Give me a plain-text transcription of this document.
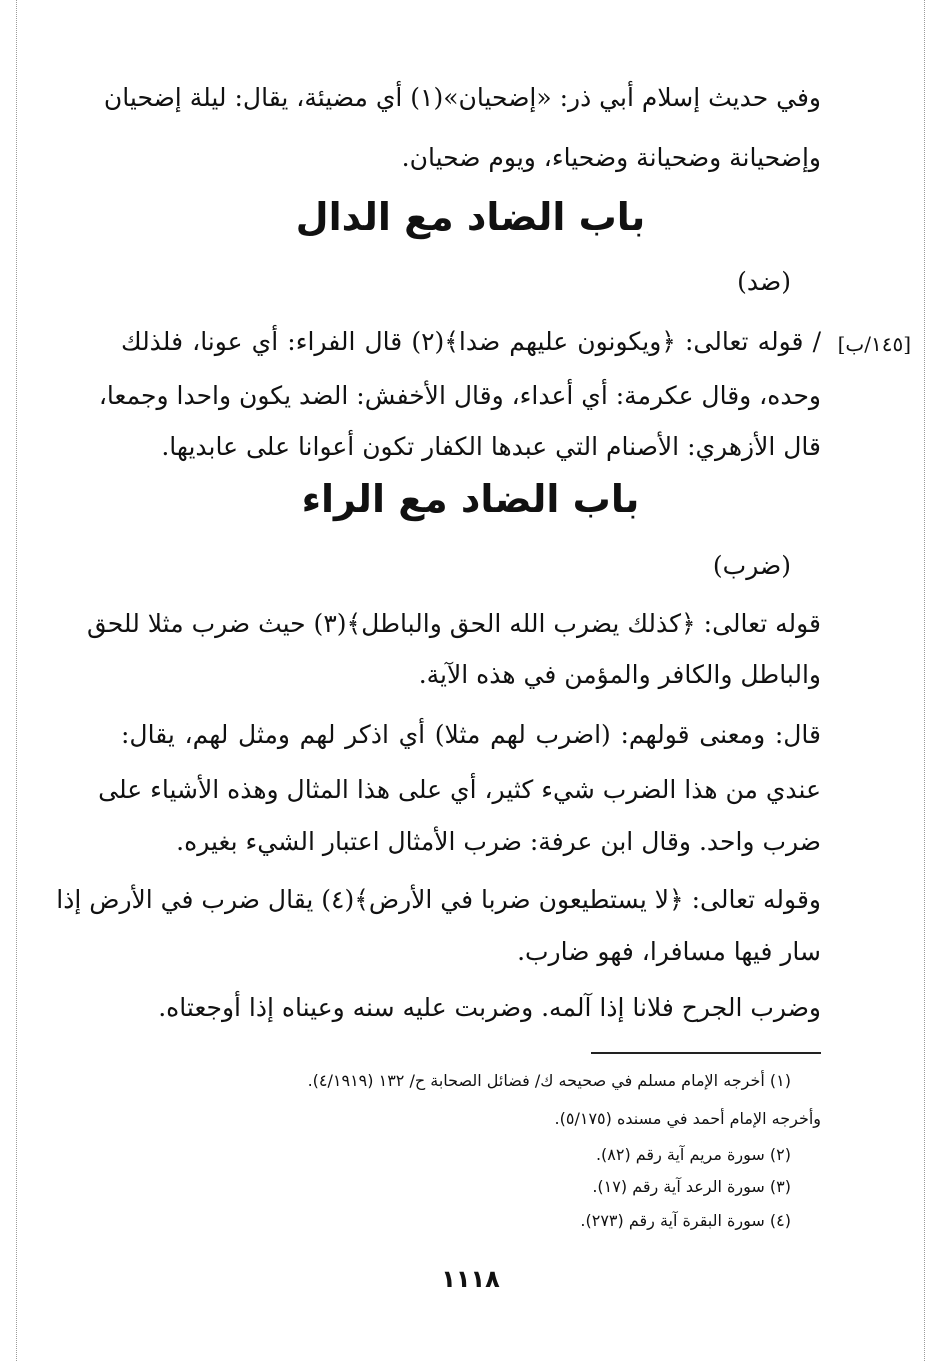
وفي حديث إسلام أبي ذر: «إضحيان»(١) أي مضيئة، يقال: ليلة إضحيان
وإضحيانة وضحيانة وضحياء، ويوم ضحيان.
باب الضاد مع الدال
(ضد)
[١٤٥/ب]
/ قوله تعالى: ﴿ويكونون عليهم ضدا﴾(٢) قال الفراء: أي عونا، فلذلك
وحده، وقال عكرمة: أي أعداء، وقال الأخفش: الضد يكون واحدا وجمعا،
قال الأزهري: الأصنام التي عبدها الكفار تكون أعوانا على عابديها.
باب الضاد مع الراء
(ضرب)
قوله تعالى: ﴿كذلك يضرب الله الحق والباطل﴾(٣) حيث ضرب مثلا للحق
والباطل والكافر والمؤمن في هذه الآية.
قال: ومعنى قولهم: (اضرب لهم مثلا) أي اذكر لهم ومثل لهم، يقال:
عندي من هذا الضرب شيء كثير، أي على هذا المثال وهذه الأشياء على
ضرب واحد. وقال ابن عرفة: ضرب الأمثال اعتبار الشيء بغيره.
وقوله تعالى: ﴿لا يستطيعون ضربا في الأرض﴾(٤) يقال ضرب في الأرض إذا
سار فيها مسافرا، فهو ضارب.
وضرب الجرح فلانا إذا آلمه. وضربت عليه سنه وعيناه إذا أوجعتاه.
(١) أخرجه الإمام مسلم في صحيحه ك/ فضائل الصحابة ح/ ١٣٢ (٤/١٩١٩).
وأخرجه الإمام أحمد في مسنده (٥/١٧٥).
(٢) سورة مريم آية رقم (٨٢).
(٣) سورة الرعد آية رقم (١٧).
(٤) سورة البقرة آية رقم (٢٧٣).
١١١٨
